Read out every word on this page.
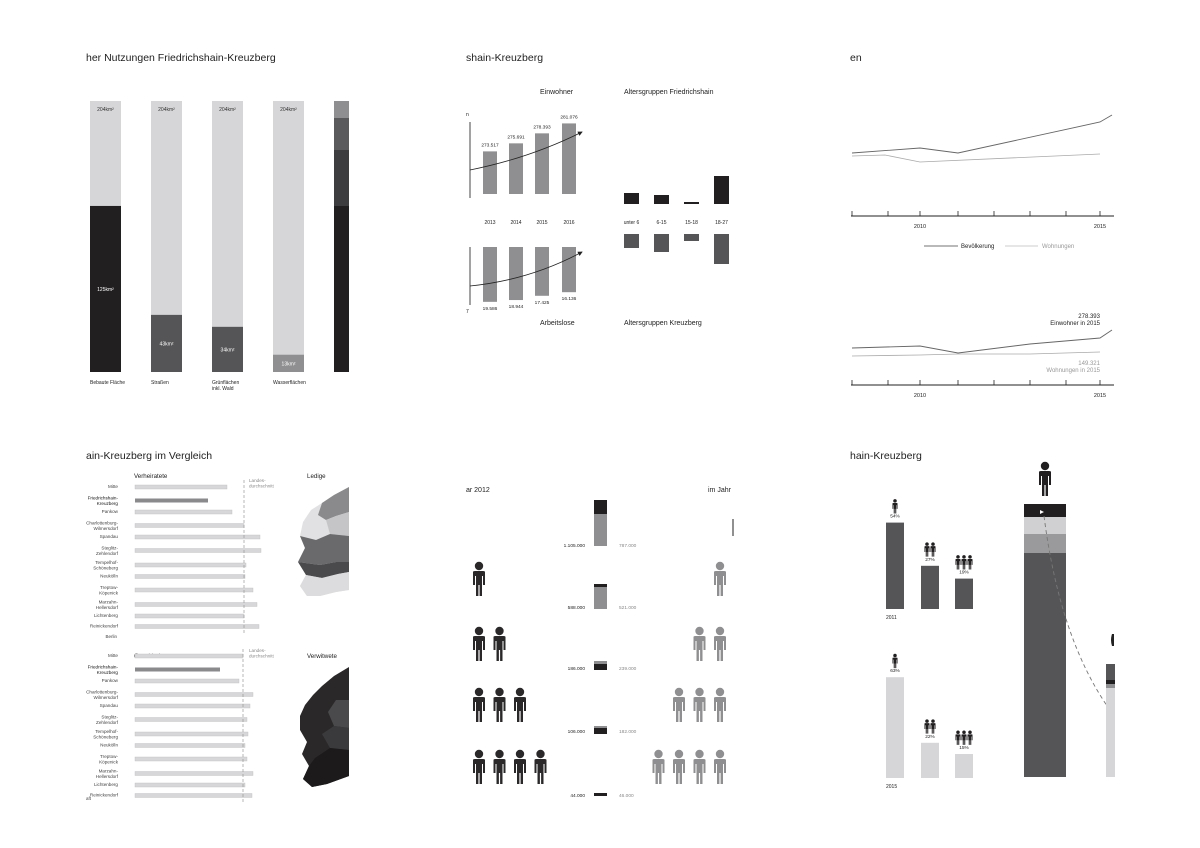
her Nutzungen Friedrichshain-Kreuzberg
204km²
125km²
Bebaute Fläche
204km²
43km²
Straßen
204km²
34km²
Grünflächen
inkl. Wald
204km²
13km²
Wasserflächen
shain-Kreuzberg
Einwohner
Arbeitslose
Altersgruppen Friedrichshain
Altersgruppen Kreuzberg
n
7
273.517
2013
275.691
2014
278.393
2015
281.076
2016
19.586 18.944
17.425
16.136
unter 6	6-15	15-18	18-27
en
2010	2015
Bevölkerung	Wohnungen
278.393
Einwohner in 2015
149.321
Wohnungen in 2015
2010	2015
ain-Kreuzberg im Vergleich
Verheiratete	Ledige
Verwitwete
Berlin
aft
Mitte
Friedrichshain-
Kreuzberg
Pankow
Charlottenburg-
Wilmersdorf
Spandau
Steglitz-
Zehlendorf
Tempelhof-
Schöneberg
Neukölln
Treptow-
Köpenick
Marzahn-
Hellersdorf
Lichtenberg
Reinickendorf
Landes-
durchschnitt
Mitte
Friedrichshain-
Kreuzberg
Pankow
Charlottenburg-
Wilmersdorf
Spandau
Steglitz-
Zehlendorf
Tempelhof-
Schöneberg
Neukölln
Treptow-
Köpenick
Marzahn-
Hellersdorf
Lichtenberg
Reinickendorf
Landes-
durchschnitt
ar 2012	im Jahr
1.105.000	787.000
588.000	521.000
186.000	239.000
106.000	182.000
44.000	46.000
hain-Kreuzberg
54%
27%
19%
2011
63%
22%
15%
2015
